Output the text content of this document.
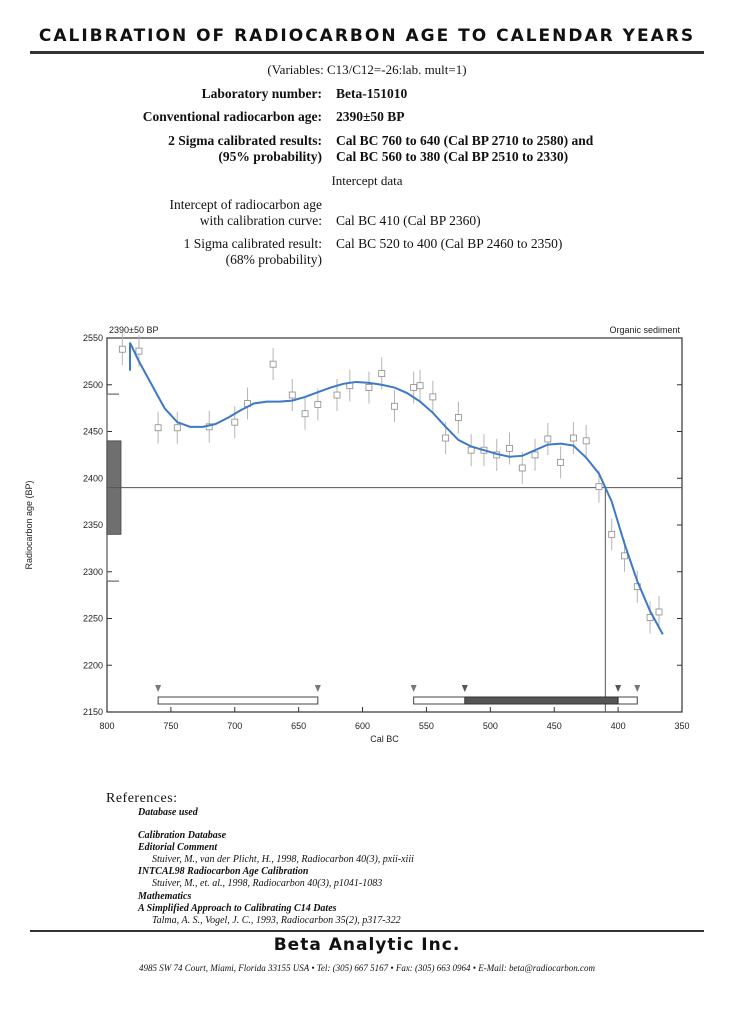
CALIBRATION OF RADIOCARBON AGE TO CALENDAR YEARS
(Variables: C13/C12=-26:lab. mult=1)
Laboratory number: Beta-151010
Conventional radiocarbon age: 2390±50 BP
2 Sigma calibrated results:
(95% probability)
Cal BC 760 to 640 (Cal BP 2710 to 2580) and
Cal BC 560 to 380 (Cal BP 2510 to 2330)
Intercept data
Intercept of radiocarbon age
with calibration curve: Cal BC 410 (Cal BP 2360)
1 Sigma calibrated result:
(68% probability)
Cal BC 520 to 400 (Cal BP 2460 to 2350)
2390±50 BP	Organic sediment
2550
2500
2450
2400
2350
2300
2250
2200
2150
800	750	700	650	600	550	500	450	400	350
Cal BC
Radiocarbon age (BP)
References:
Database used
Calibration Database
Editorial Comment
Stuiver, M., van der Plicht, H., 1998, Radiocarbon 40(3), pxii-xiii
INTCAL98 Radiocarbon Age Calibration
Stuiver, M., et. al., 1998, Radiocarbon 40(3), p1041-1083
Mathematics
A Simplified Approach to Calibrating C14 Dates
Talma, A. S., Vogel, J. C., 1993, Radiocarbon 35(2), p317-322
Beta Analytic Inc.
4985 SW 74 Court, Miami, Florida 33155 USA • Tel: (305) 667 5167 • Fax: (305) 663 0964 • E-Mail: beta@radiocarbon.com
